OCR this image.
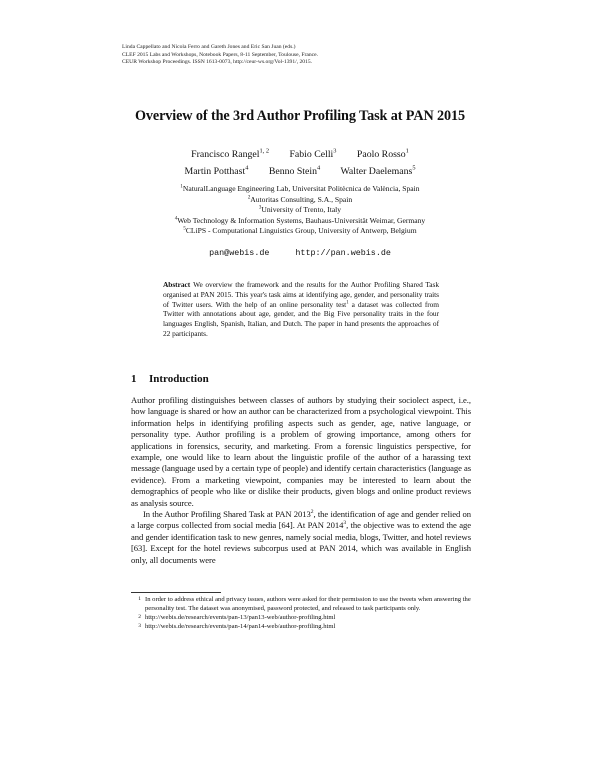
Linda Cappellato and Nicola Ferro and Gareth Jones and Eric San Juan (eds.)
CLEF 2015 Labs and Workshops, Notebook Papers, 8-11 September, Toulouse, France.
CEUR Workshop Proceedings. ISSN 1613-0073, http://ceur-ws.org/Vol-1391/, 2015.
Overview of the 3rd Author Profiling Task at PAN 2015
Francisco Rangel$^{1, 2}$ Fabio Celli$^3$ Paolo Rosso$^1$
Martin Potthast$^4$ Benno Stein$^4$ Walter Daelemans$^5$
$^1$NaturalLanguage Engineering Lab, Universitat Politècnica de València, Spain
$^2$Autoritas Consulting, S.A., Spain
$^3$University of Trento, Italy
$^4$Web Technology & Information Systems, Bauhaus-Universität Weimar, Germany
$^5$CLiPS - Computational Linguistics Group, University of Antwerp, Belgium
pan@webis.de	http://pan.webis.de
Abstract We overview the framework and the results for the Author Profiling Shared Task organised at PAN 2015. This year's task aims at identifying age, gender, and personality traits of Twitter users. With the help of an online personality test$^1$ a dataset was collected from Twitter with annotations about age, gender, and the Big Five personality traits in the four languages English, Spanish, Italian, and Dutch. The paper in hand presents the approaches of 22 participants.
1 Introduction

Author profiling distinguishes between classes of authors by studying their sociolect aspect, i.e., how language is shared or how an author can be characterized from a psychological viewpoint. This information helps in identifying profiling aspects such as gender, age, native language, or personality type. Author profiling is a problem of growing importance, among others for applications in forensics, security, and marketing. From a forensic linguistics perspective, for example, one would like to learn about the linguistic profile of the author of a harassing text message (language used by a certain type of people) and identify certain characteristics (language as evidence). From a marketing viewpoint, companies may be interested to learn about the demographics of people who like or dislike their products, given blogs and online product reviews as analysis source.

In the Author Profiling Shared Task at PAN 2013$^2$, the identification of age and gender relied on a large corpus collected from social media [64]. At PAN 2014$^3$, the objective was to extend the age and gender identification task to new genres, namely social media, blogs, Twitter, and hotel reviews [63]. Except for the hotel reviews subcorpus used at PAN 2014, which was available in English only, all documents were

1 In order to address ethical and privacy issues, authors were asked for their permission to use the tweets when answering the personality test. The dataset was anonymised, password protected, and released to task participants only.
2 http://webis.de/research/events/pan-13/pan13-web/author-profiling.html
3 http://webis.de/research/events/pan-14/pan14-web/author-profiling.html
